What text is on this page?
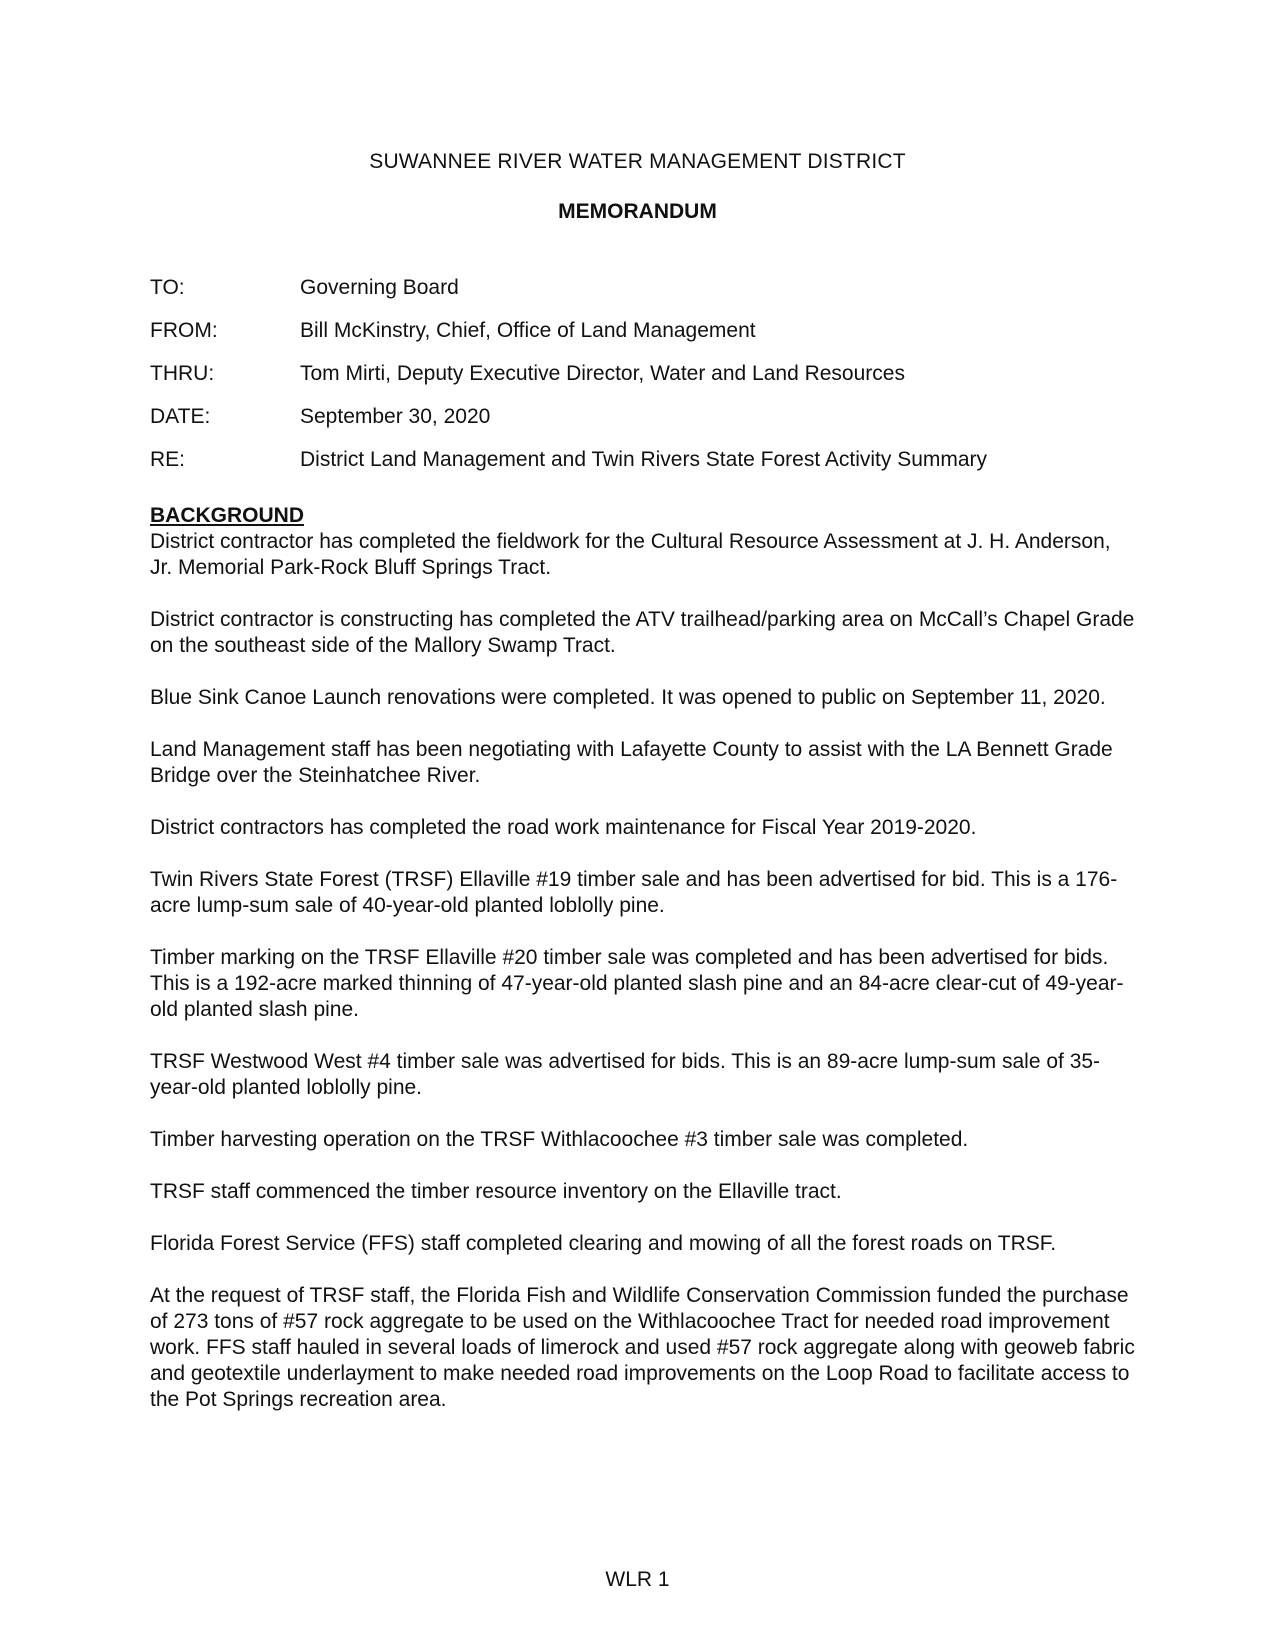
SUWANNEE RIVER WATER MANAGEMENT DISTRICT
MEMORANDUM
TO:	Governing Board
FROM:	Bill McKinstry, Chief, Office of Land Management
THRU:	Tom Mirti, Deputy Executive Director, Water and Land Resources
DATE:	September 30, 2020
RE:	District Land Management and Twin Rivers State Forest Activity Summary

BACKGROUND

District contractor has completed the fieldwork for the Cultural Resource Assessment at J. H. Anderson, Jr. Memorial Park-Rock Bluff Springs Tract.

District contractor is constructing has completed the ATV trailhead/parking area on McCall’s Chapel Grade on the southeast side of the Mallory Swamp Tract.

Blue Sink Canoe Launch renovations were completed. It was opened to public on September 11, 2020.

Land Management staff has been negotiating with Lafayette County to assist with the LA Bennett Grade Bridge over the Steinhatchee River.

District contractors has completed the road work maintenance for Fiscal Year 2019-2020.

Twin Rivers State Forest (TRSF) Ellaville #19 timber sale and has been advertised for bid. This is a 176-acre lump-sum sale of 40-year-old planted loblolly pine.

Timber marking on the TRSF Ellaville #20 timber sale was completed and has been advertised for bids. This is a 192-acre marked thinning of 47-year-old planted slash pine and an 84-acre clear-cut of 49-year-old planted slash pine.

TRSF Westwood West #4 timber sale was advertised for bids. This is an 89-acre lump-sum sale of 35-year-old planted loblolly pine.

Timber harvesting operation on the TRSF Withlacoochee #3 timber sale was completed.

TRSF staff commenced the timber resource inventory on the Ellaville tract.

Florida Forest Service (FFS) staff completed clearing and mowing of all the forest roads on TRSF.

At the request of TRSF staff, the Florida Fish and Wildlife Conservation Commission funded the purchase of 273 tons of #57 rock aggregate to be used on the Withlacoochee Tract for needed road improvement work. FFS staff hauled in several loads of limerock and used #57 rock aggregate along with geoweb fabric and geotextile underlayment to make needed road improvements on the Loop Road to facilitate access to the Pot Springs recreation area.

WLR 1
